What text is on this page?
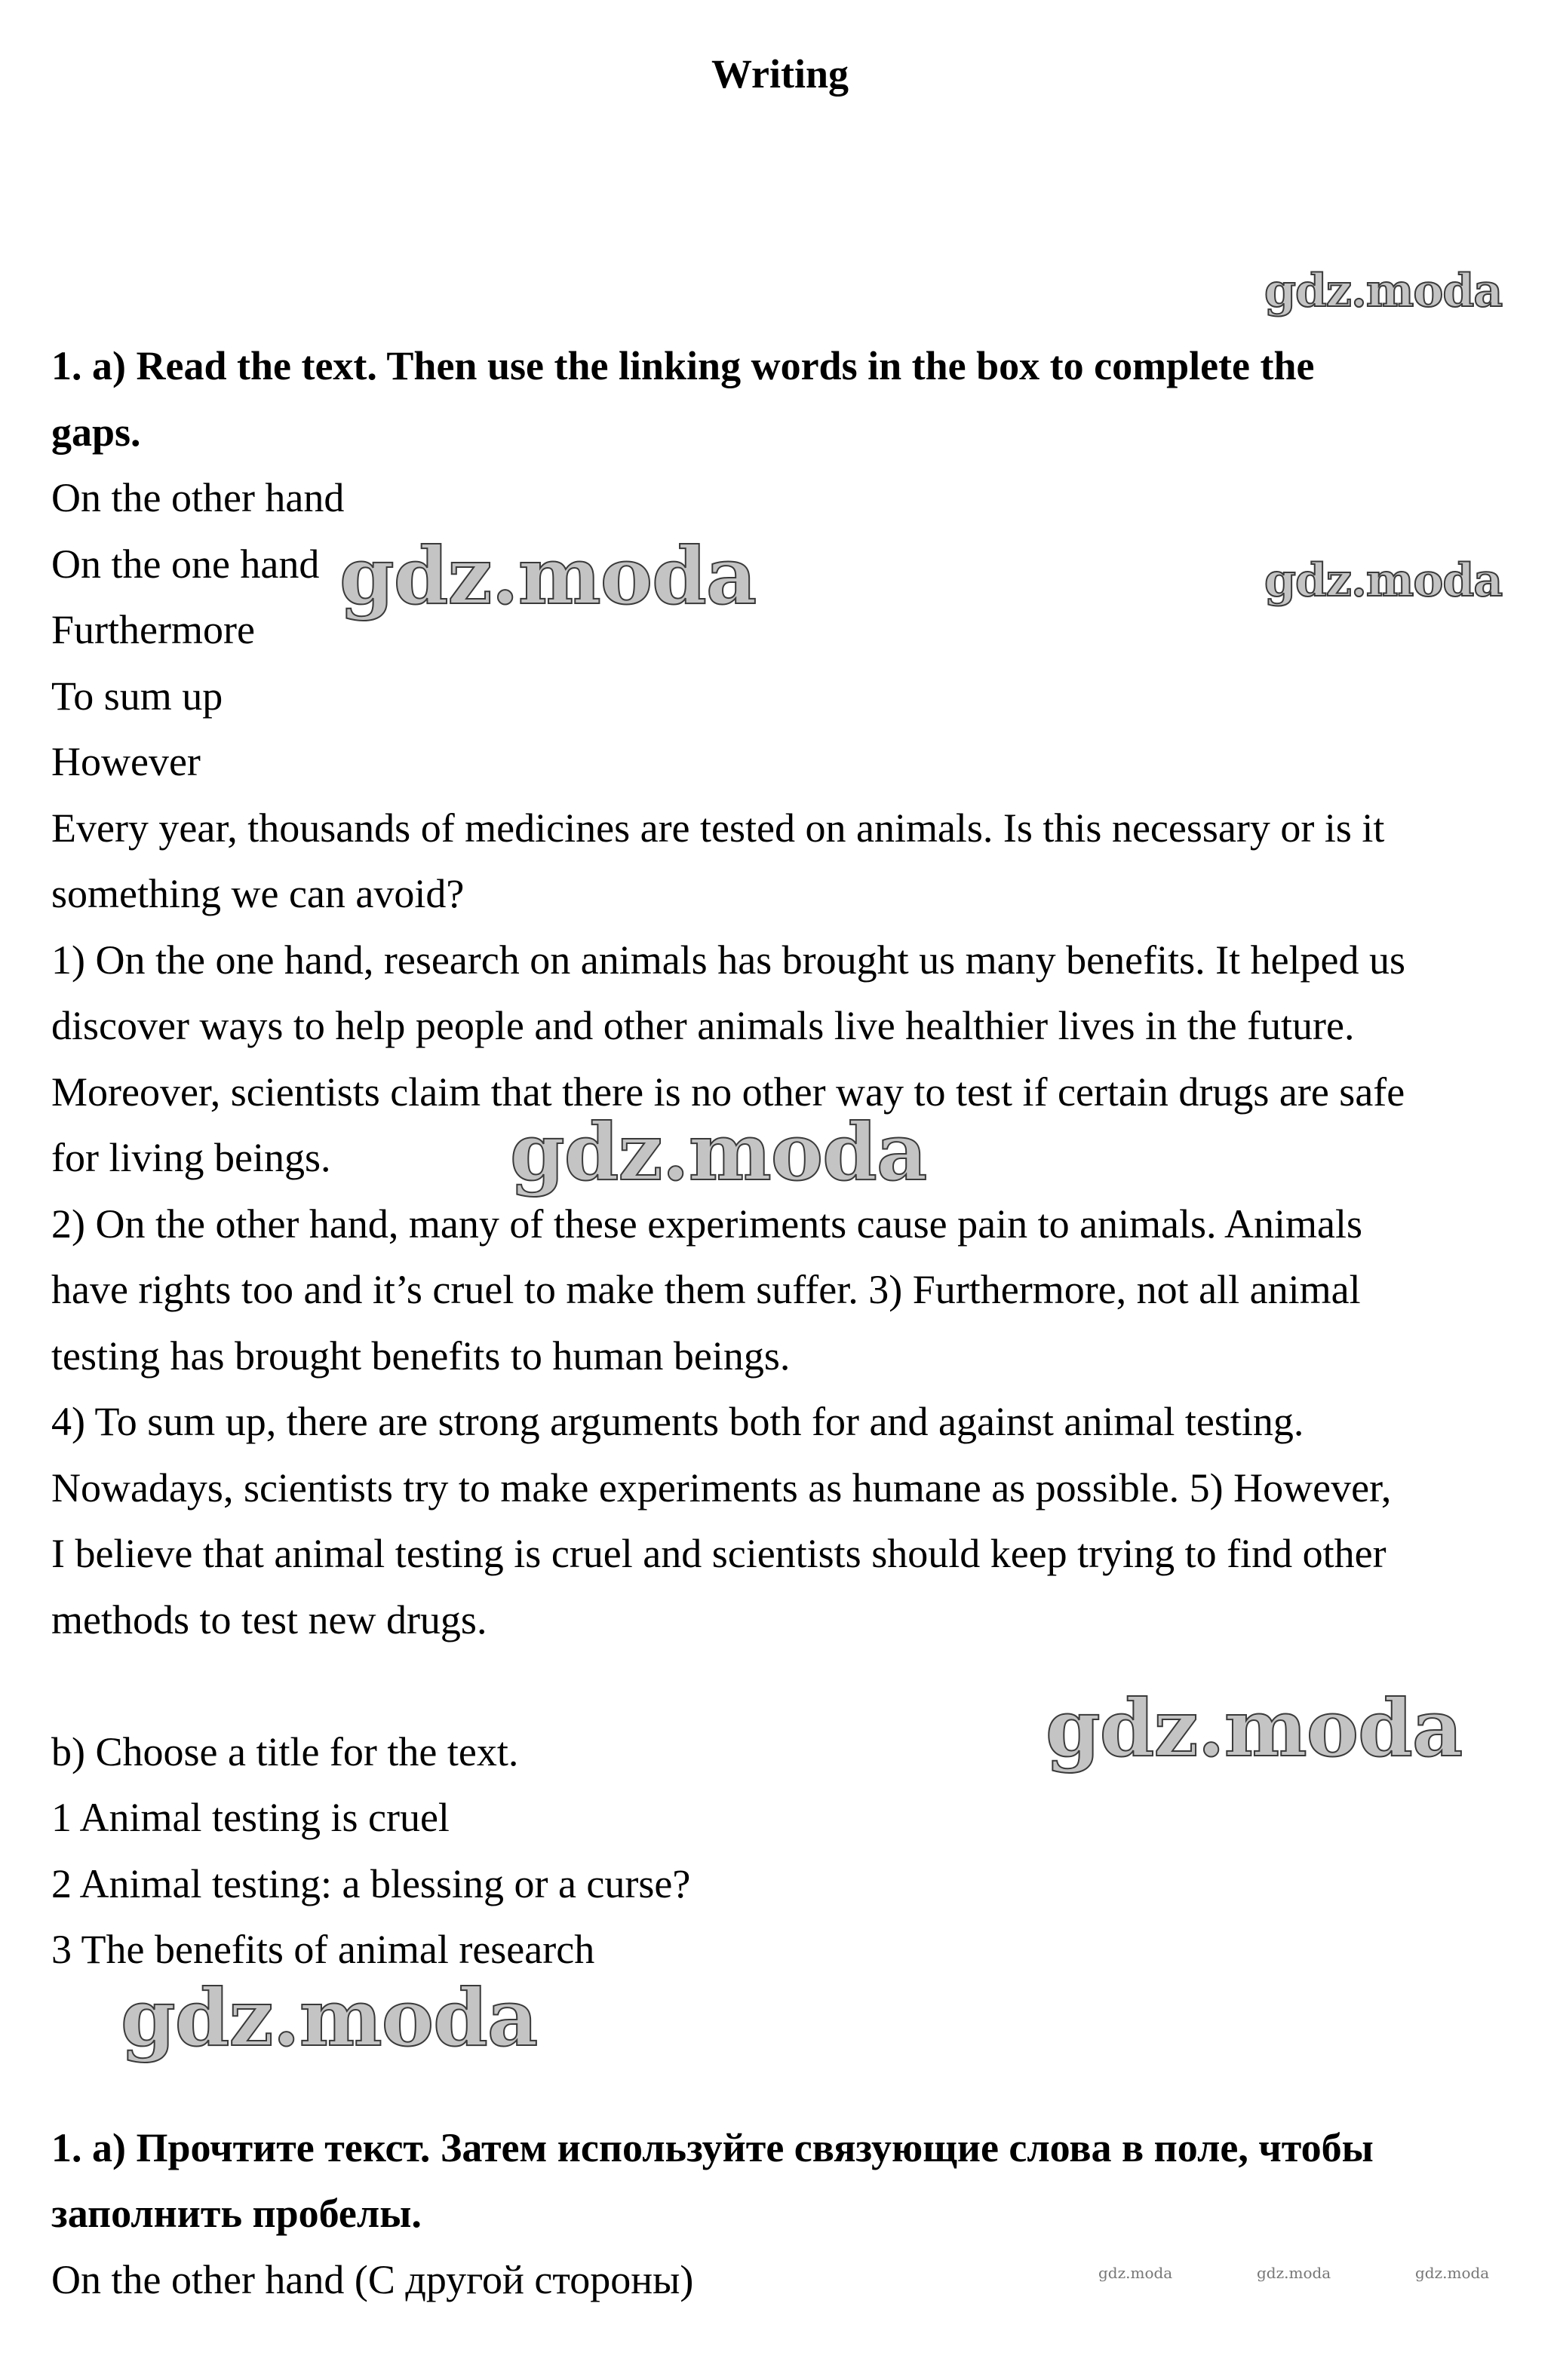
Writing
1. a) Read the text. Then use the linking words in the box to complete the
gaps.
On the other hand
On the one hand
Furthermore
To sum up
However
Every year, thousands of medicines are tested on animals. Is this necessary or is it
something we can avoid?
1) On the one hand, research on animals has brought us many benefits. It helped us
discover ways to help people and other animals live healthier lives in the future.
Moreover, scientists claim that there is no other way to test if certain drugs are safe
for living beings.
2) On the other hand, many of these experiments cause pain to animals. Animals
have rights too and it’s cruel to make them suffer. 3) Furthermore, not all animal
testing has brought benefits to human beings.
4) To sum up, there are strong arguments both for and against animal testing.
Nowadays, scientists try to make experiments as humane as possible. 5) However,
I believe that animal testing is cruel and scientists should keep trying to find other
methods to test new drugs.
b) Choose a title for the text.
1 Animal testing is cruel
2 Animal testing: a blessing or a curse?
3 The benefits of animal research
1. а) Прочтите текст. Затем используйте связующие слова в поле, чтобы
заполнить пробелы.
On the other hand (С другой стороны)
gdz.moda
gdz.moda	gdz.moda
gdz.moda
gdz.moda
gdz.moda
gdz.moda	gdz.moda	gdz.moda
